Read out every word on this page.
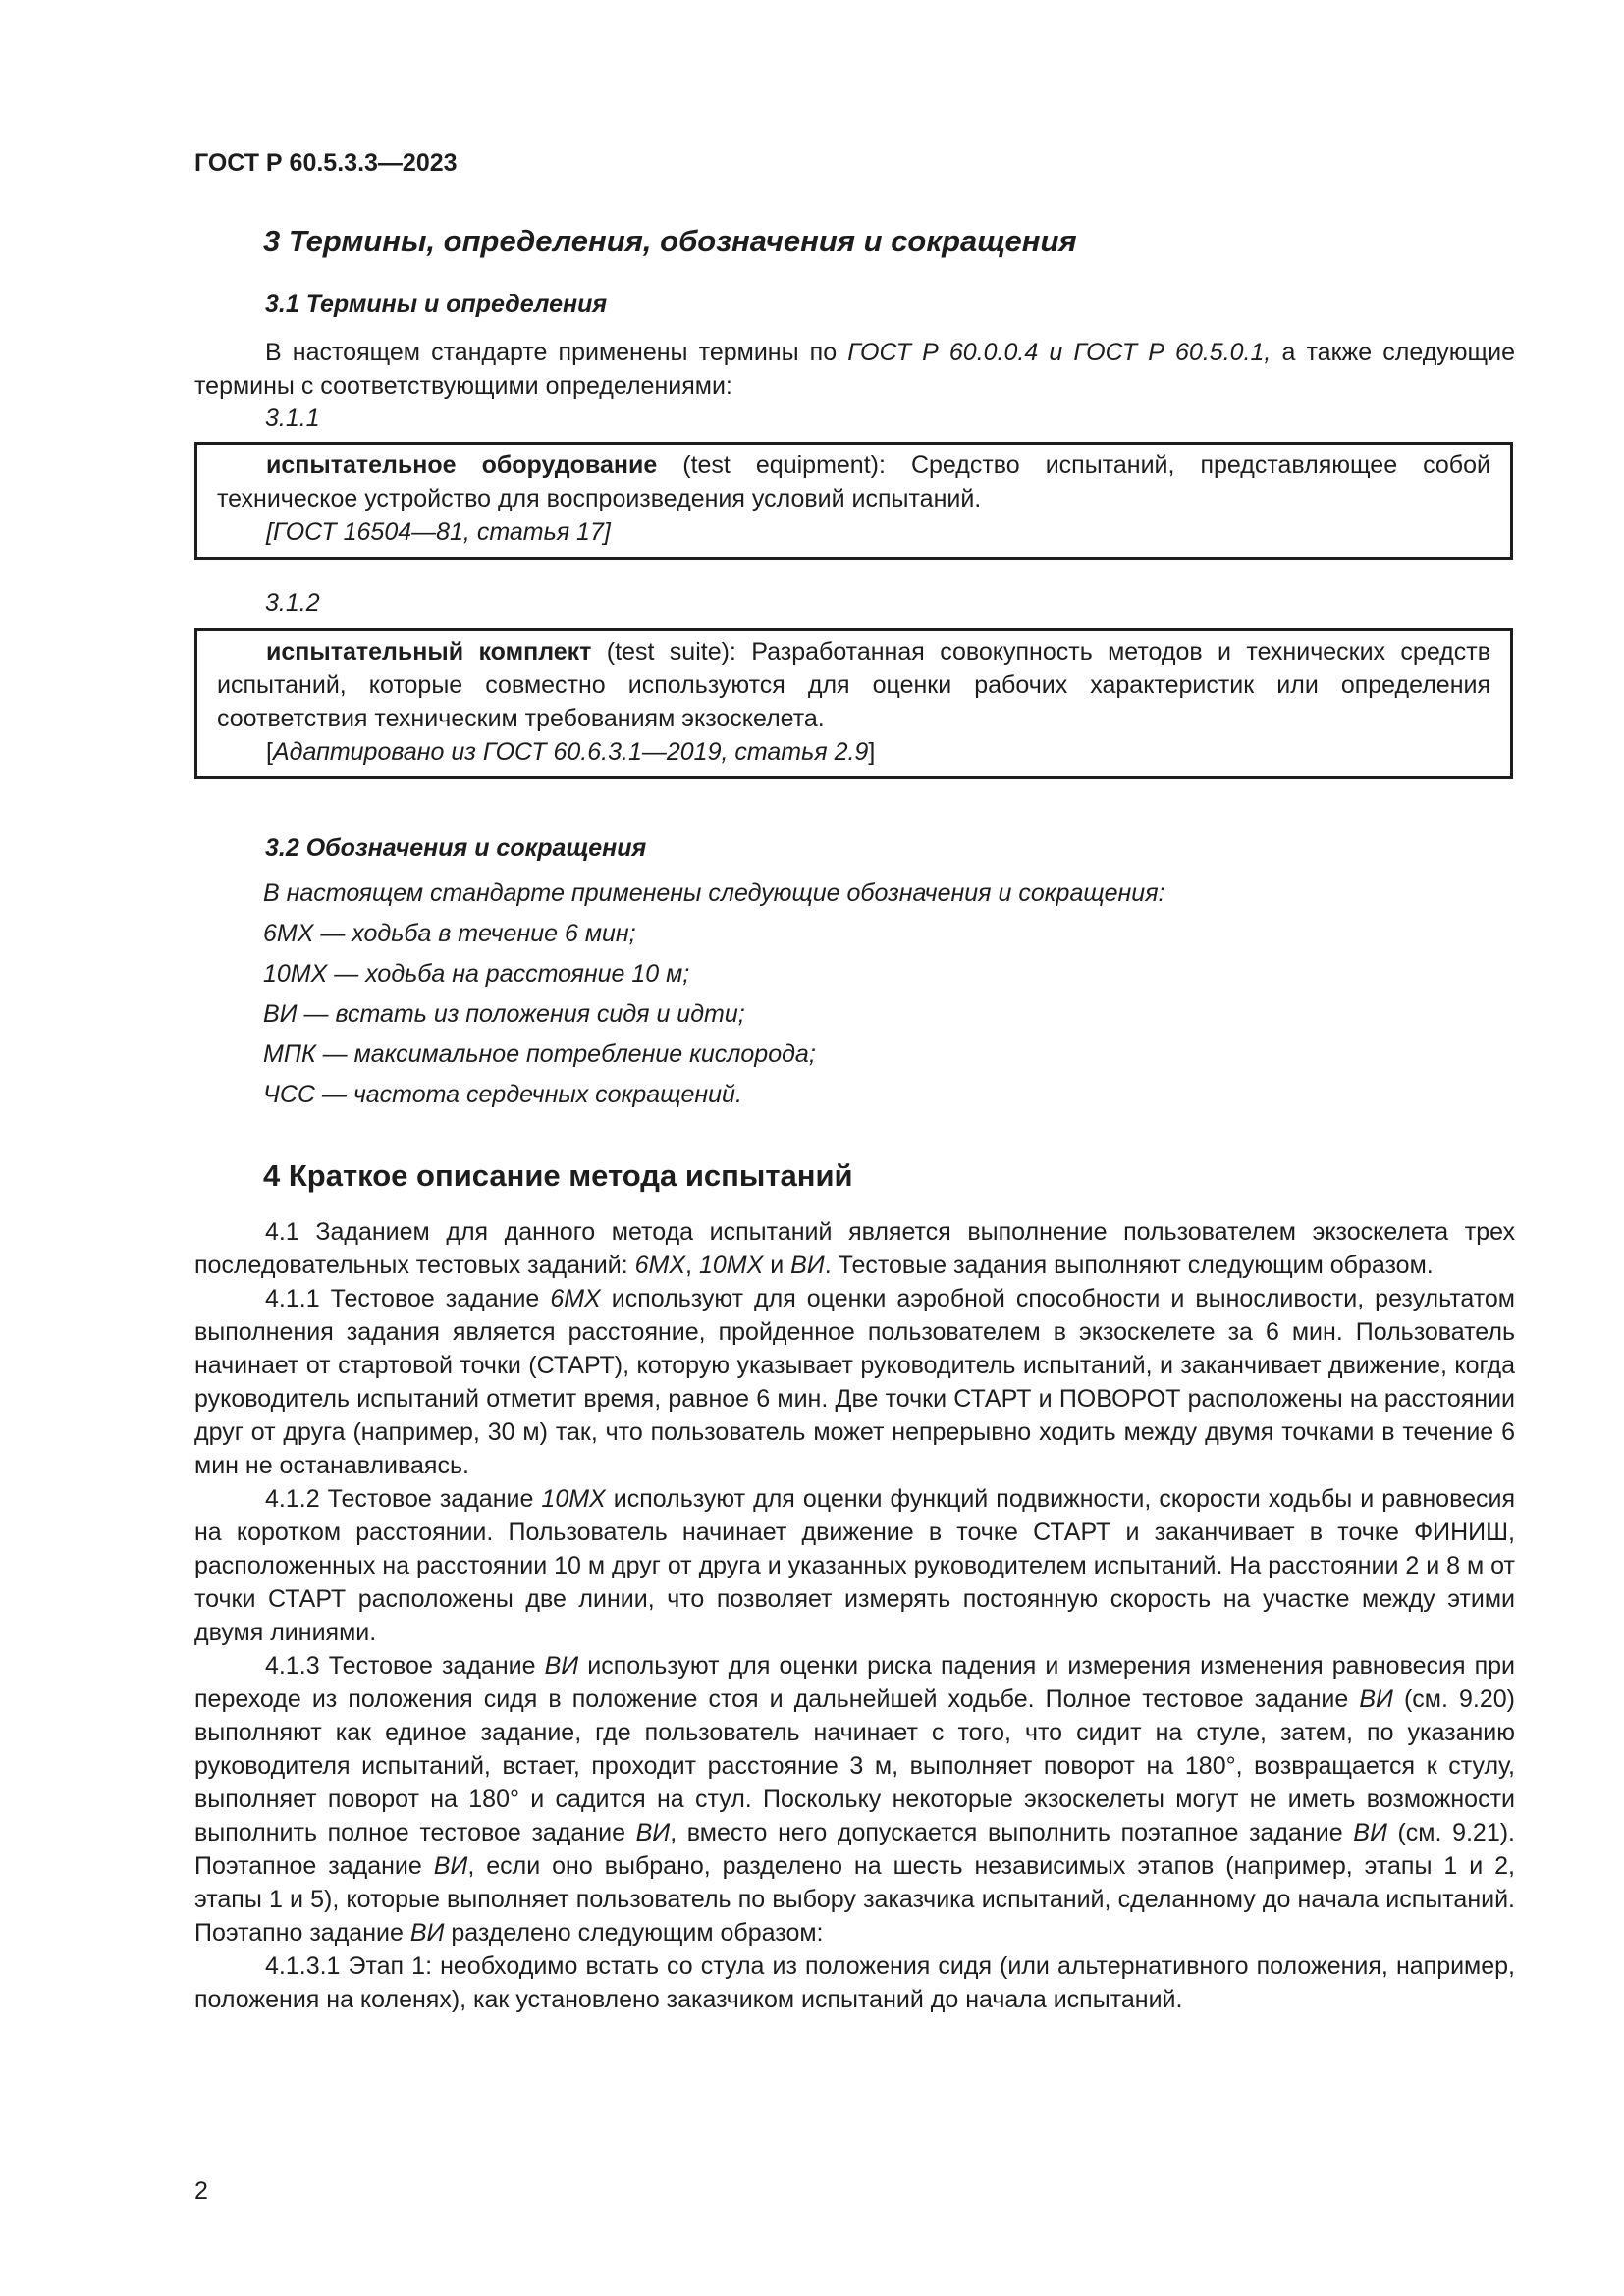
ГОСТ Р 60.5.3.3—2023
3 Термины, определения, обозначения и сокращения
3.1 Термины и определения

В настоящем стандарте применены термины по ГОСТ Р 60.0.0.4 и ГОСТ Р 60.5.0.1, а также следующие термины с соответствующими определениями:

3.1.1

испытательное оборудование (test equipment): Средство испытаний, представляющее собой техническое устройство для воспроизведения условий испытаний.

[ГОСТ 16504—81, статья 17]

3.1.2

испытательный комплект (test suite): Разработанная совокупность методов и технических средств испытаний, которые совместно используются для оценки рабочих характеристик или определения соответствия техническим требованиям экзоскелета.

[Адаптировано из ГОСТ 60.6.3.1—2019, статья 2.9]

3.2 Обозначения и сокращения
В настоящем стандарте применены следующие обозначения и сокращения:
6МХ — ходьба в течение 6 мин;
10МХ — ходьба на расстояние 10 м;
ВИ — встать из положения сидя и идти;
МПК — максимальное потребление кислорода;
ЧСС — частота сердечных сокращений.
4 Краткое описание метода испытаний

4.1 Заданием для данного метода испытаний является выполнение пользователем экзоскелета трех последовательных тестовых заданий: 6МХ, 10МХ и ВИ. Тестовые задания выполняют следующим образом.

4.1.1 Тестовое задание 6МХ используют для оценки аэробной способности и выносливости, результатом выполнения задания является расстояние, пройденное пользователем в экзоскелете за 6 мин. Пользователь начинает от стартовой точки (СТАРТ), которую указывает руководитель испытаний, и заканчивает движение, когда руководитель испытаний отметит время, равное 6 мин. Две точки СТАРТ и ПОВОРОТ расположены на расстоянии друг от друга (например, 30 м) так, что пользователь может непрерывно ходить между двумя точками в течение 6 мин не останавливаясь.

4.1.2 Тестовое задание 10МХ используют для оценки функций подвижности, скорости ходьбы и равновесия на коротком расстоянии. Пользователь начинает движение в точке СТАРТ и заканчивает в точке ФИНИШ, расположенных на расстоянии 10 м друг от друга и указанных руководителем испытаний. На расстоянии 2 и 8 м от точки СТАРТ расположены две линии, что позволяет измерять постоянную скорость на участке между этими двумя линиями.

4.1.3 Тестовое задание ВИ используют для оценки риска падения и измерения изменения равновесия при переходе из положения сидя в положение стоя и дальнейшей ходьбе. Полное тестовое задание ВИ (см. 9.20) выполняют как единое задание, где пользователь начинает с того, что сидит на стуле, затем, по указанию руководителя испытаний, встает, проходит расстояние 3 м, выполняет поворот на 180°, возвращается к стулу, выполняет поворот на 180° и садится на стул. Поскольку некоторые экзоскелеты могут не иметь возможности выполнить полное тестовое задание ВИ, вместо него допускается выполнить поэтапное задание ВИ (см. 9.21). Поэтапное задание ВИ, если оно выбрано, разделено на шесть независимых этапов (например, этапы 1 и 2, этапы 1 и 5), которые выполняет пользователь по выбору заказчика испытаний, сделанному до начала испытаний. Поэтапно задание ВИ разделено следующим образом:

4.1.3.1 Этап 1: необходимо встать со стула из положения сидя (или альтернативного положения, например, положения на коленях), как установлено заказчиком испытаний до начала испытаний.

2
